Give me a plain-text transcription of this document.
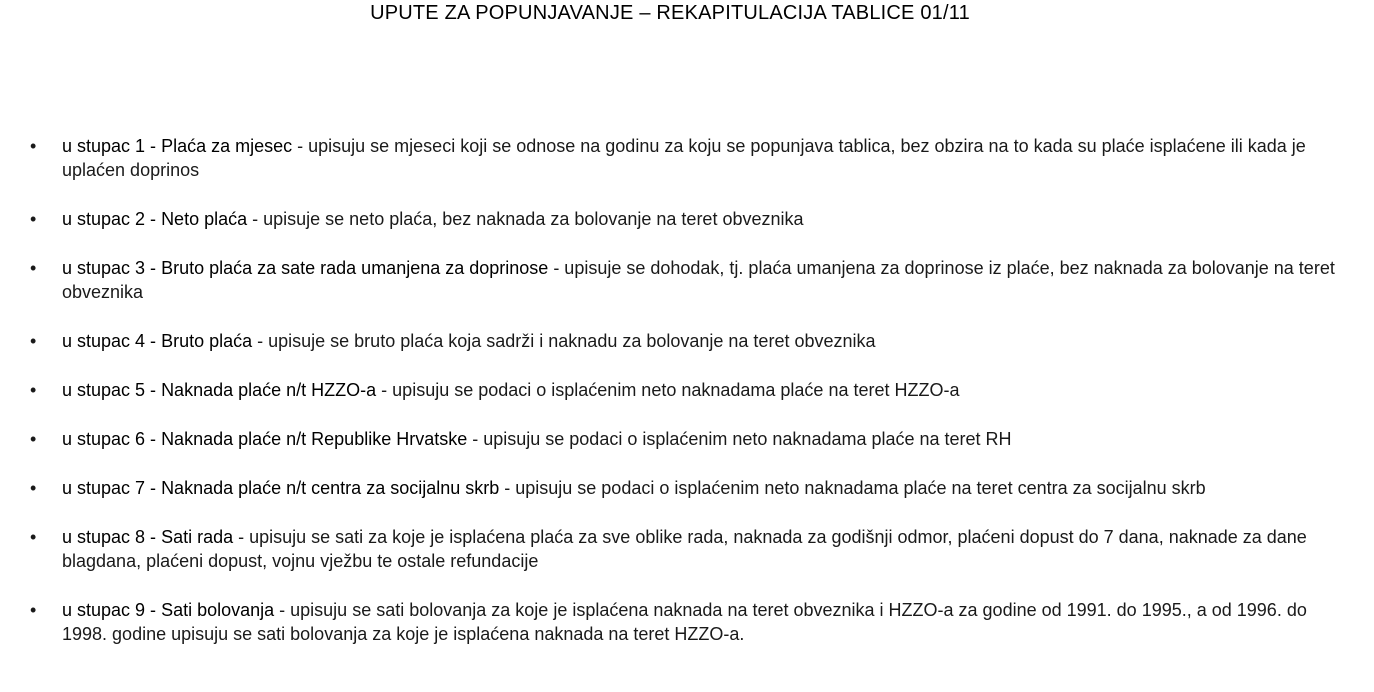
UPUTE ZA POPUNJAVANJE – REKAPITULACIJA TABLICE 01/11
• u stupac 1 - Plaća za mjesec - upisuju se mjeseci koji se odnose na godinu za koju se popunjava tablica, bez obzira na to kada su plaće isplaćene ili kada je uplaćen doprinos
• u stupac 2 - Neto plaća - upisuje se neto plaća, bez naknada za bolovanje na teret obveznika
• u stupac 3 - Bruto plaća za sate rada umanjena za doprinose - upisuje se dohodak, tj. plaća umanjena za doprinose iz plaće, bez naknada za bolovanje na teret obveznika
• u stupac 4 - Bruto plaća - upisuje se bruto plaća koja sadrži i naknadu za bolovanje na teret obveznika
• u stupac 5 - Naknada plaće n/t HZZO-a - upisuju se podaci o isplaćenim neto naknadama plaće na teret HZZO-a
• u stupac 6 - Naknada plaće n/t Republike Hrvatske - upisuju se podaci o isplaćenim neto naknadama plaće na teret RH
• u stupac 7 - Naknada plaće n/t centra za socijalnu skrb - upisuju se podaci o isplaćenim neto naknadama plaće na teret centra za socijalnu skrb
• u stupac 8 - Sati rada - upisuju se sati za koje je isplaćena plaća za sve oblike rada, naknada za godišnji odmor, plaćeni dopust do 7 dana, naknade za dane blagdana, plaćeni dopust, vojnu vježbu te ostale refundacije
• u stupac 9 - Sati bolovanja - upisuju se sati bolovanja za koje je isplaćena naknada na teret obveznika i HZZO-a za godine od 1991. do 1995., a od 1996. do 1998. godine upisuju se sati bolovanja za koje je isplaćena naknada na teret HZZO-a.
